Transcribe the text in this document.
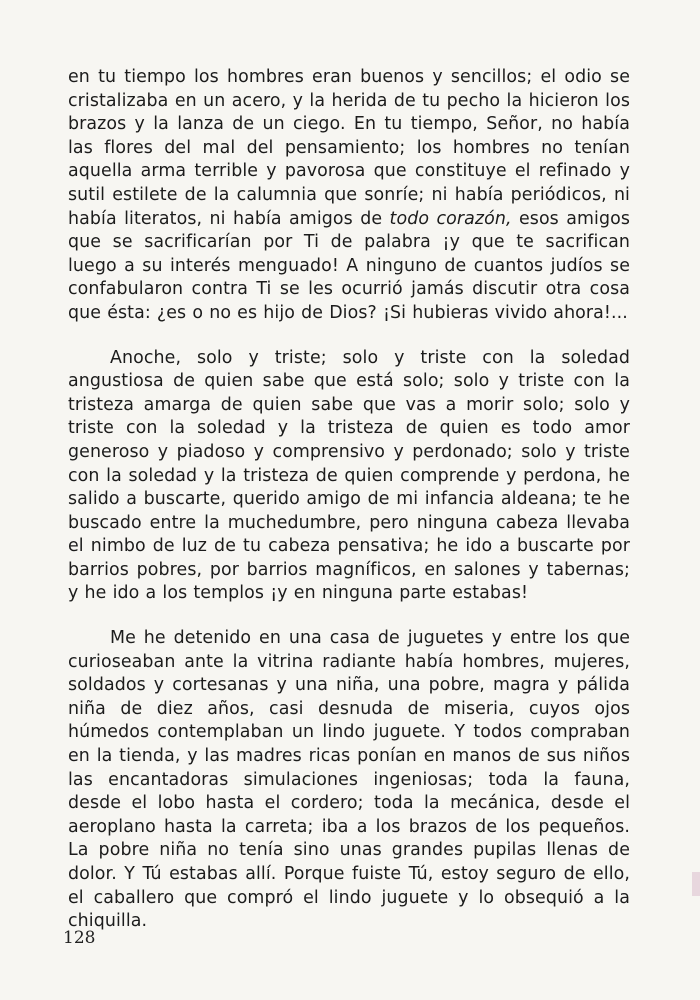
en tu tiempo los hombres eran buenos y sencillos; el odio se cristalizaba en un acero, y la herida de tu pecho la hicieron los brazos y la lanza de un ciego. En tu tiempo, Señor, no había las flores del mal del pensamiento; los hombres no tenían aquella arma terrible y pavorosa que constituye el refinado y sutil estilete de la calumnia que sonríe; ni había periódicos, ni había literatos, ni había amigos de todo corazón, esos amigos que se sacrificarían por Ti de palabra ¡y que te sacrifican luego a su interés menguado! A ninguno de cuantos judíos se confabularon contra Ti se les ocurrió jamás discutir otra cosa que ésta: ¿es o no es hijo de Dios? ¡Si hubieras vivido ahora!...

Anoche, solo y triste; solo y triste con la soledad angustiosa de quien sabe que está solo; solo y triste con la tristeza amarga de quien sabe que vas a morir solo; solo y triste con la soledad y la tristeza de quien es todo amor generoso y piadoso y comprensivo y perdonado; solo y triste con la soledad y la tristeza de quien comprende y perdona, he salido a buscarte, querido amigo de mi infancia aldeana; te he buscado entre la muchedumbre, pero ninguna cabeza llevaba el nimbo de luz de tu cabeza pensativa; he ido a buscarte por barrios pobres, por barrios magníficos, en salones y tabernas; y he ido a los templos ¡y en ninguna parte estabas!

Me he detenido en una casa de juguetes y entre los que curioseaban ante la vitrina radiante había hombres, mujeres, soldados y cortesanas y una niña, una pobre, magra y pálida niña de diez años, casi desnuda de miseria, cuyos ojos húmedos contemplaban un lindo juguete. Y todos compraban en la tienda, y las madres ricas ponían en manos de sus niños las encantadoras simulaciones ingeniosas; toda la fauna, desde el lobo hasta el cordero; toda la mecánica, desde el aeroplano hasta la carreta; iba a los brazos de los pequeños. La pobre niña no tenía sino unas grandes pupilas llenas de dolor. Y Tú estabas allí. Porque fuiste Tú, estoy seguro de ello, el caballero que compró el lindo juguete y lo obsequió a la chiquilla.

128
